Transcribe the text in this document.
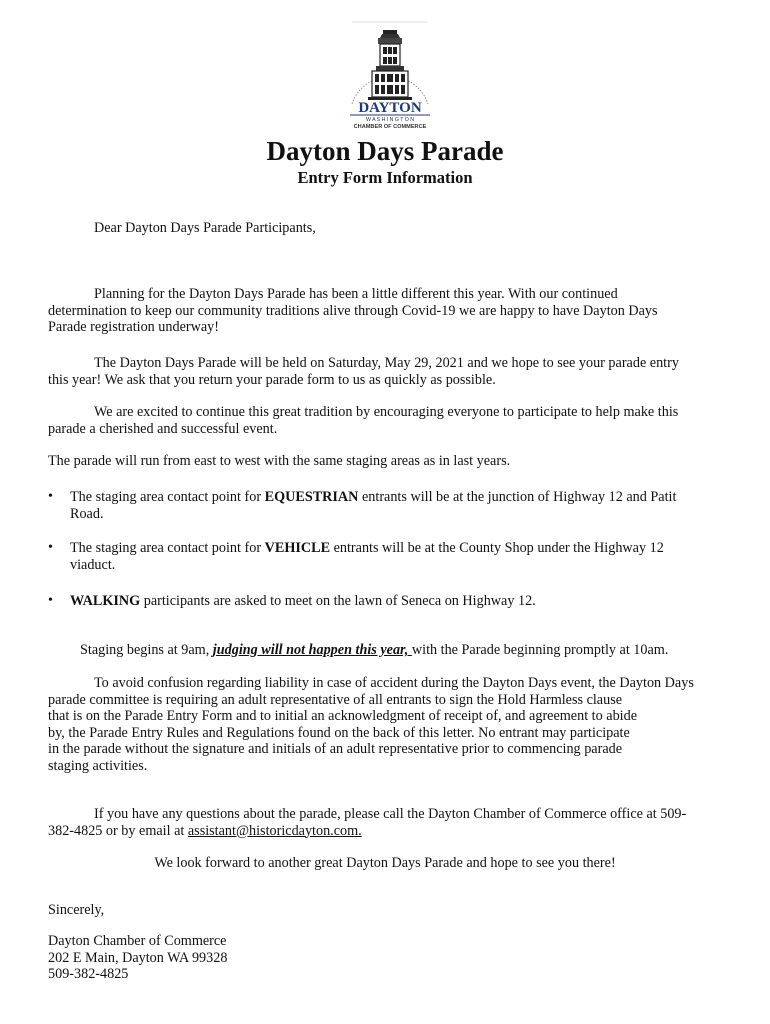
DAYTON
W A S H I N G T O N
CHAMBER OF COMMERCE
Dayton Days Parade
Entry Form Information
Dear Dayton Days Parade Participants,
Planning for the Dayton Days Parade has been a little different this year. With our continued
determination to keep our community traditions alive through Covid-19 we are happy to have Dayton Days
Parade registration underway!
The Dayton Days Parade will be held on Saturday, May 29, 2021 and we hope to see your parade entry
this year! We ask that you return your parade form to us as quickly as possible.
We are excited to continue this great tradition by encouraging everyone to participate to help make this
parade a cherished and successful event.
The parade will run from east to west with the same staging areas as in last years.
• The staging area contact point for EQUESTRIAN entrants will be at the junction of Highway 12 and Patit
Road.
• The staging area contact point for VEHICLE entrants will be at the County Shop under the Highway 12
viaduct.
• WALKING participants are asked to meet on the lawn of Seneca on Highway 12.
Staging begins at 9am, judging will not happen this year, with the Parade beginning promptly at 10am.
To avoid confusion regarding liability in case of accident during the Dayton Days event, the Dayton Days
parade committee is requiring an adult representative of all entrants to sign the Hold Harmless clause
that is on the Parade Entry Form and to initial an acknowledgment of receipt of, and agreement to abide
by, the Parade Entry Rules and Regulations found on the back of this letter. No entrant may participate
in the parade without the signature and initials of an adult representative prior to commencing parade
staging activities.
If you have any questions about the parade, please call the Dayton Chamber of Commerce office at 509-
382-4825 or by email at assistant@historicdayton.com.
We look forward to another great Dayton Days Parade and hope to see you there!
Sincerely,
Dayton Chamber of Commerce
202 E Main, Dayton WA 99328
509-382-4825
